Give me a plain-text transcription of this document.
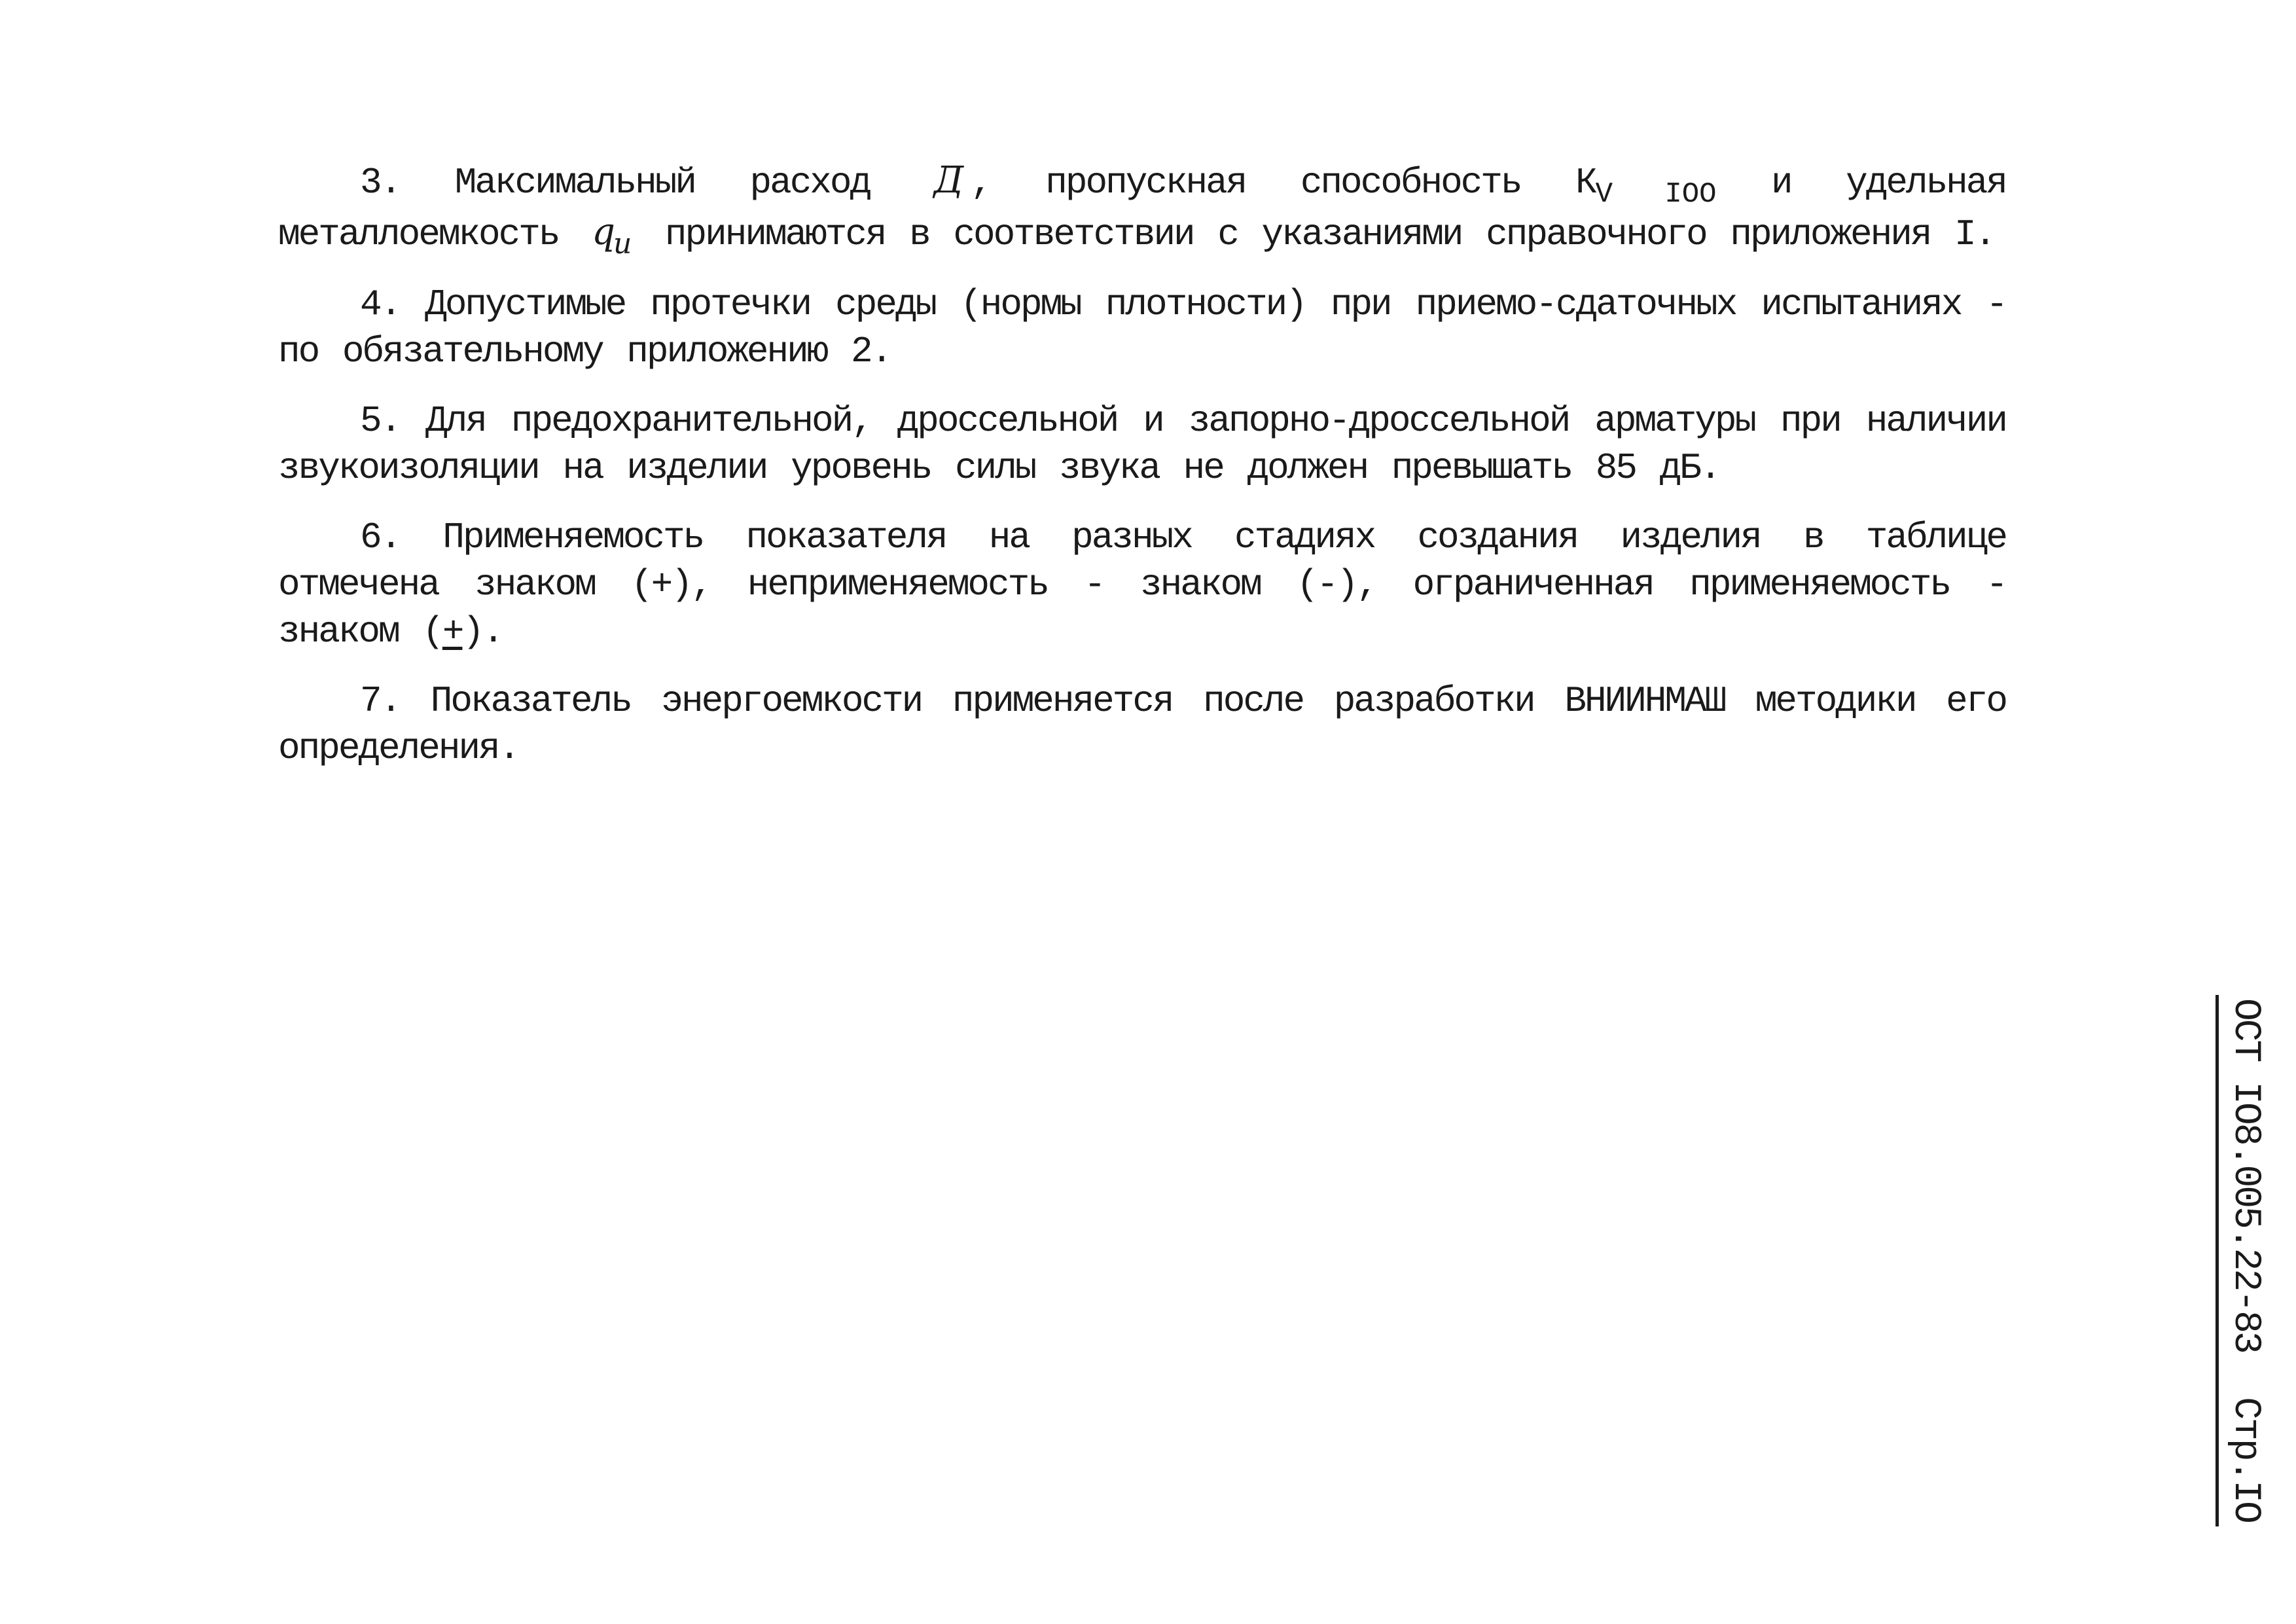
3. Максимальный расход Д , пропускная способность $К_{V IOO}$ и удельная металлоемкость $q_и$ принимаются в соответствии с указаниями справочного приложения I.

4. Допустимые протечки среды (нормы плотности) при приемо-сдаточных испытаниях - по обязательному приложению 2.

5. Для предохранительной, дроссельной и запорно-дроссельной арматуры при наличии звукоизоляции на изделии уровень силы звука не должен превышать 85 дБ.

6. Применяемость показателя на разных стадиях создания изделия в таблице отмечена знаком (+), неприменяемость - знаком (-), ограниченная применяемость - знаком (+).

7. Показатель энергоемкости применяется после разработки ВНИИНМАШ методики его определения.

ОСТ IO8.005.22-83
Стр.IO
